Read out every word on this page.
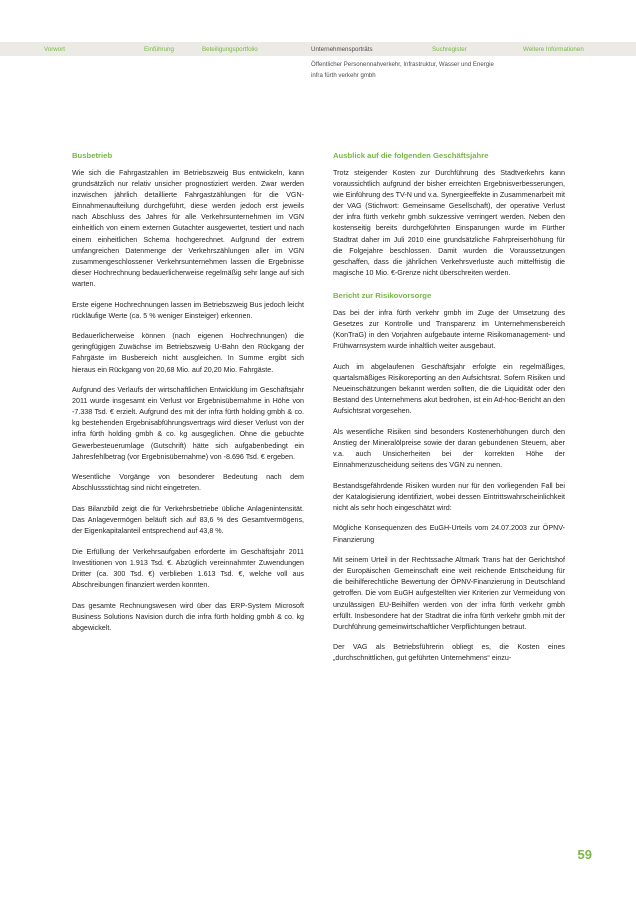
Vorwort	Einführung	Beteiligungsportfolio	Unternehmensporträts	Suchregister	Weitere Informationen
Öffentlicher Personennahverkehr, Infrastruktur, Wasser und Energie
infra fürth verkehr gmbh
Busbetrieb

Wie sich die Fahrgastzahlen im Betriebszweig Bus entwickeln, kann grundsätzlich nur relativ unsicher prognostiziert werden. Zwar werden inzwischen jährlich detaillierte Fahrgastzählungen für die VGN-Einnahmenaufteilung durchgeführt, diese werden jedoch erst jeweils nach Abschluss des Jahres für alle Verkehrsunternehmen im VGN einheitlich von einem externen Gutachter ausgewertet, testiert und nach einem einheitlichen Schema hochgerechnet. Aufgrund der extrem umfangreichen Datenmenge der Verkehrszählungen aller im VGN zusammengeschlossener Verkehrsunternehmen lassen die Ergebnisse dieser Hochrechnung bedauerlicherweise regelmäßig sehr lange auf sich warten.

Erste eigene Hochrechnungen lassen im Betriebszweig Bus jedoch leicht rückläufige Werte (ca. 5 % weniger Einsteiger) erkennen.

Bedauerlicherweise können (nach eigenen Hochrechnungen) die geringfügigen Zuwächse im Betriebszweig U-Bahn den Rückgang der Fahrgäste im Busbereich nicht ausgleichen. In Summe ergibt sich hieraus ein Rückgang von 20,68 Mio. auf 20,20 Mio. Fahrgäste.

Aufgrund des Verlaufs der wirtschaftlichen Entwicklung im Geschäftsjahr 2011 wurde insgesamt ein Verlust vor Ergebnisübernahme in Höhe von -7.338 Tsd. € erzielt. Aufgrund des mit der infra fürth holding gmbh & co. kg bestehenden Ergebnisabführungsvertrags wird dieser Verlust von der infra fürth holding gmbh & co. kg ausgeglichen. Ohne die gebuchte Gewerbesteuerumlage (Gutschrift) hätte sich aufgabenbedingt ein Jahresfehlbetrag (vor Ergebnisübernahme) von -8.696 Tsd. € ergeben.

Wesentliche Vorgänge von besonderer Bedeutung nach dem Abschlussstichtag sind nicht eingetreten.

Das Bilanzbild zeigt die für Verkehrsbetriebe übliche Anlagenintensität. Das Anlagevermögen beläuft sich auf 83,6 % des Gesamtvermögens, der Eigenkapitalanteil entsprechend auf 43,8 %.

Die Erfüllung der Verkehrsaufgaben erforderte im Geschäftsjahr 2011 Investitionen von 1.913 Tsd. €. Abzüglich vereinnahmter Zuwendungen Dritter (ca. 300 Tsd. €) verblieben 1.613 Tsd. €, welche voll aus Abschreibungen finanziert werden konnten.

Das gesamte Rechnungswesen wird über das ERP-System Microsoft Business Solutions Navision durch die infra fürth holding gmbh & co. kg abgewickelt.

Ausblick auf die folgenden Geschäftsjahre

Trotz steigender Kosten zur Durchführung des Stadtverkehrs kann voraussichtlich aufgrund der bisher erreichten Ergebnisverbesserungen, wie Einführung des TV-N und v.a. Synergieeffekte in Zusammenarbeit mit der VAG (Stichwort: Gemeinsame Gesellschaft), der operative Verlust der infra fürth verkehr gmbh sukzessive verringert werden. Neben den kostenseitig bereits durchgeführten Einsparungen wurde im Fürther Stadtrat daher im Juli 2010 eine grundsätzliche Fahrpreiserhöhung für die Folgejahre beschlossen. Damit wurden die Voraussetzungen geschaffen, dass die jährlichen Verkehrsverluste auch mittelfristig die magische 10 Mio. €-Grenze nicht überschreiten werden.

Bericht zur Risikovorsorge

Das bei der infra fürth verkehr gmbh im Zuge der Umsetzung des Gesetzes zur Kontrolle und Transparenz im Unternehmensbereich (KonTraG) in den Vorjahren aufgebaute interne Risikomanagement- und Frühwarnsystem wurde inhaltlich weiter ausgebaut.

Auch im abgelaufenen Geschäftsjahr erfolgte ein regelmäßiges, quartalsmäßiges Risikoreporting an den Aufsichtsrat. Sofern Risiken und Neueinschätzungen bekannt werden sollten, die die Liquidität oder den Bestand des Unternehmens akut bedrohen, ist ein Ad-hoc-Bericht an den Aufsichtsrat vorgesehen.

Als wesentliche Risiken sind besonders Kostenerhöhungen durch den Anstieg der Mineralölpreise sowie der daran gebundenen Steuern, aber v.a. auch Unsicherheiten bei der korrekten Höhe der Einnahmenzuscheidung seitens des VGN zu nennen.

Bestandsgefährdende Risiken wurden nur für den vorliegenden Fall bei der Katalogisierung identifiziert, wobei dessen Eintrittswahrscheinlichkeit nicht als sehr hoch eingeschätzt wird:

Mögliche Konsequenzen des EuGH-Urteils vom 24.07.2003 zur ÖPNV-Finanzierung

Mit seinem Urteil in der Rechtssache Altmark Trans hat der Gerichtshof der Europäischen Gemeinschaft eine weit reichende Entscheidung für die beihilferechtliche Bewertung der ÖPNV-Finanzierung in Deutschland getroffen. Die vom EuGH aufgestellten vier Kriterien zur Vermeidung von unzulässigen EU-Beihilfen werden von der infra fürth verkehr gmbh erfüllt. Insbesondere hat der Stadtrat die infra fürth verkehr gmbh mit der Durchführung gemeinwirtschaftlicher Verpflichtungen betraut.

Der VAG als Betriebsführerin obliegt es, die Kosten eines „durchschnittlichen, gut geführten Unternehmens“ einzu-

59
